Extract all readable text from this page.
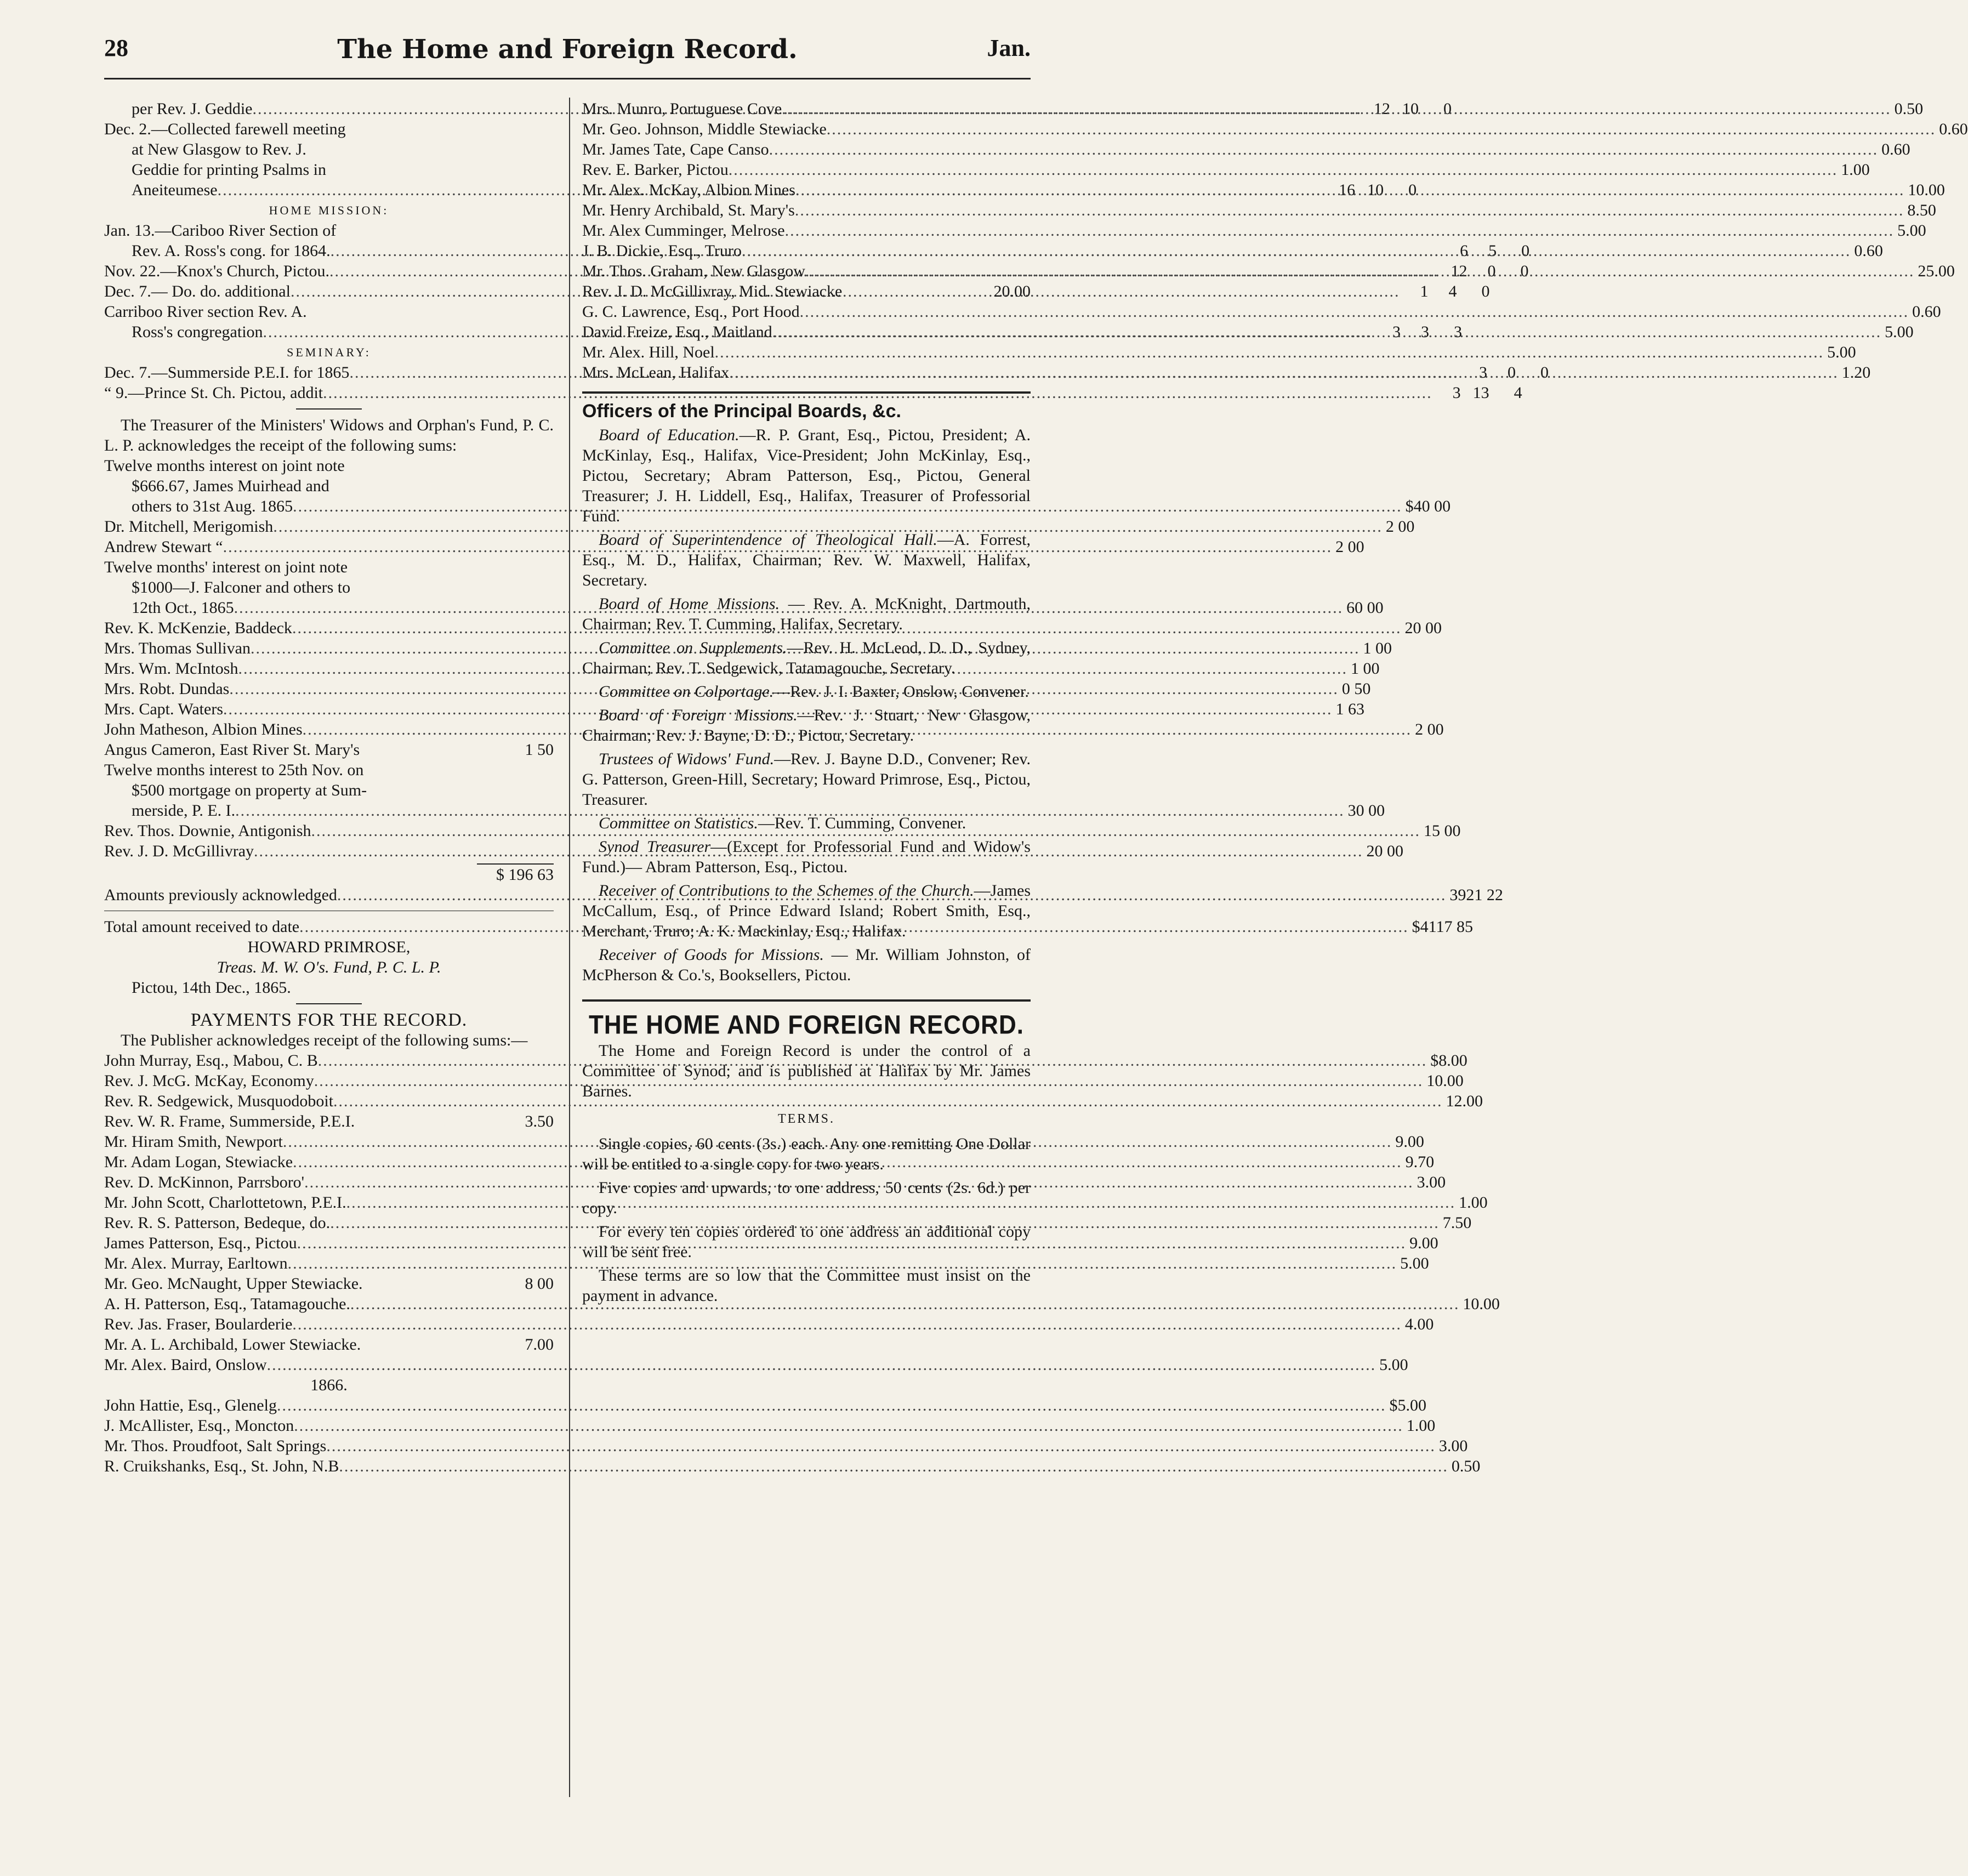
28	The Home and Foreign Record.	Jan.
per Rev. J. Geddie .....	12 10	0
Dec. 2.—Collected farewell meeting
at New Glasgow to Rev. J.
Geddie for printing Psalms in
Aneiteumese .....	16 10	0
HOME MISSION:
Jan. 13.—Cariboo River Section of
Rev. A. Ross's cong. for 1864. .....	6	5	0
Nov. 22.—Knox's Church, Pictou. .....	12	0	0
Dec. 7.— Do. do. additional .....	1	4	0
Carriboo River section Rev. A.
Ross's congregation .....	3	3	3
SEMINARY:
Dec. 7.—Summerside P.E.I. for 1865 .....	3	0	0
“ 9.—Prince St. Ch. Pictou, addit .....	3 13	4
The Treasurer of the Ministers' Widows and Orphan's Fund, P. C. L. P. acknowledges the receipt of the following sums:
Twelve months interest on joint note
$666.67, James Muirhead and
others to 31st Aug. 1865 .....	$40 00
Dr. Mitchell, Merigomish .....	2 00
Andrew Stewart “ .....	2 00
Twelve months' interest on joint note
$1000—J. Falconer and others to
12th Oct., 1865 .....	60 00
Rev. K. McKenzie, Baddeck .....	20 00
Mrs. Thomas Sullivan .....	1 00
Mrs. Wm. McIntosh .....	1 00
Mrs. Robt. Dundas .....	0 50
Mrs. Capt. Waters .....	1 63
John Matheson, Albion Mines .....	2 00
Angus Cameron, East River St. Mary's	1 50
Twelve months interest to 25th Nov. on
$500 mortgage on property at Sum-
merside, P. E. I. .....	30 00
Rev. Thos. Downie, Antigonish .....	15 00
Rev. J. D. McGillivray .....	20 00
$ 196 63
Amounts previously acknowledged .....	3921 22
Total amount received to date .....	$4117 85
HOWARD PRIMROSE,
Treas. M. W. O's. Fund, P. C. L. P.
Pictou, 14th Dec., 1865.
PAYMENTS FOR THE RECORD.
The Publisher acknowledges receipt of the following sums:—
John Murray, Esq., Mabou, C. B .....	$8.00
Rev. J. McG. McKay, Economy .....	10.00
Rev. R. Sedgewick, Musquodoboit .....	12.00
Rev. W. R. Frame, Summerside, P.E.I.	3.50
Mr. Hiram Smith, Newport .....	9.00
Mr. Adam Logan, Stewiacke .....	9.70
Rev. D. McKinnon, Parrsboro' .....	3.00
Mr. John Scott, Charlottetown, P.E.I. .....	1.00
Rev. R. S. Patterson, Bedeque, do. .....	7.50
James Patterson, Esq., Pictou .....	9.00
Mr. Alex. Murray, Earltown .....	5.00
Mr. Geo. McNaught, Upper Stewiacke.	8 00
A. H. Patterson, Esq., Tatamagouche. .....	10.00
Rev. Jas. Fraser, Boularderie .....	4.00
Mr. A. L. Archibald, Lower Stewiacke.	7.00
Mr. Alex. Baird, Onslow .....	5.00
1866.
John Hattie, Esq., Glenelg .....	$5.00
J. McAllister, Esq., Moncton .....	1.00
Mr. Thos. Proudfoot, Salt Springs .....	3.00
R. Cruikshanks, Esq., St. John, N.B .....	0.50
Mrs. Munro, Portuguese Cove .....	0.50
Mr. Geo. Johnson, Middle Stewiacke .....	0.60
Mr. James Tate, Cape Canso .....	0.60
Rev. E. Barker, Pictou .....	1.00
Mr. Alex. McKay, Albion Mines .....	10.00
Mr. Henry Archibald, St. Mary's .....	8.50
Mr. Alex Cumminger, Melrose .....	5.00
J. B. Dickie, Esq., Truro .....	0.60
Mr. Thos. Graham, New Glasgow .....	25.00
Rev. J. D. McGillivray, Mid. Stewiacke	20.00
G. C. Lawrence, Esq., Port Hood .....	0.60
David Freize, Esq., Maitland .....	5.00
Mr. Alex. Hill, Noel .....	5.00
Mrs. McLean, Halifax .....	1.20
Officers of the Principal Boards, &c.
Board of Education.—R. P. Grant, Esq., Pictou, President; A. McKinlay, Esq., Halifax, Vice-President; John McKinlay, Esq., Pictou, Secretary; Abram Patterson, Esq., Pictou, General Treasurer; J. H. Liddell, Esq., Halifax, Treasurer of Professorial Fund.
Board of Superintendence of Theological Hall.—A. Forrest, Esq., M. D., Halifax, Chairman; Rev. W. Maxwell, Halifax, Secretary.
Board of Home Missions. — Rev. A. McKnight, Dartmouth, Chairman; Rev. T. Cumming, Halifax, Secretary.
Committee on Supplements.—Rev. H. McLeod, D. D., Sydney, Chairman; Rev. T. Sedgewick, Tatamagouche, Secretary.
Committee on Colportage.—Rev. J. I. Baxter, Onslow, Convener.
Board of Foreign Missions.—Rev. J. Stuart, New Glasgow, Chairman; Rev. J. Bayne, D. D., Pictou, Secretary.
Trustees of Widows' Fund.—Rev. J. Bayne D.D., Convener; Rev. G. Patterson, Green-Hill, Secretary; Howard Primrose, Esq., Pictou, Treasurer.
Committee on Statistics.—Rev. T. Cumming, Convener.
Synod Treasurer—(Except for Professorial Fund and Widow's Fund.)— Abram Patterson, Esq., Pictou.
Receiver of Contributions to the Schemes of the Church.—James McCallum, Esq., of Prince Edward Island; Robert Smith, Esq., Merchant, Truro; A. K. Mackinlay, Esq., Halifax.
Receiver of Goods for Missions. — Mr. William Johnston, of McPherson & Co.'s, Booksellers, Pictou.
THE HOME AND FOREIGN RECORD.
The Home and Foreign Record is under the control of a Committee of Synod; and is published at Halifax by Mr. James Barnes.
TERMS.
Single copies, 60 cents (3s.) each. Any one remitting One Dollar will be entitled to a single copy for two years.
Five copies and upwards, to one address, 50 cents (2s. 6d.) per copy.
For every ten copies ordered to one address an additional copy will be sent free.
These terms are so low that the Committee must insist on the payment in advance.
